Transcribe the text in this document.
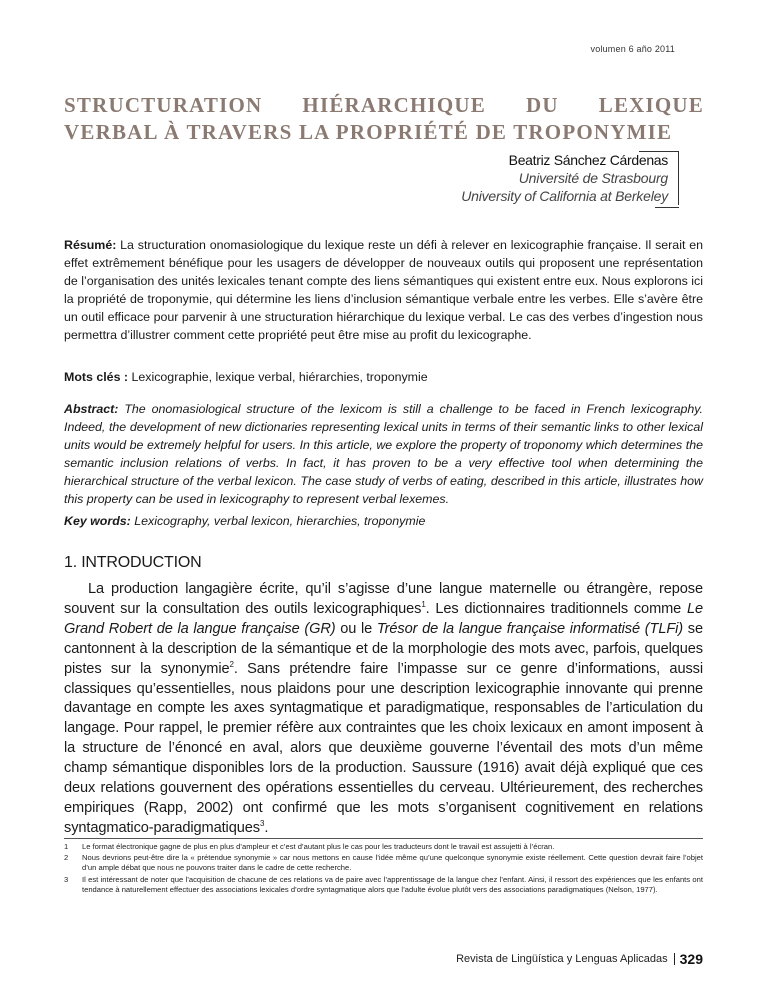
volumen 6 año 2011
STRUCTURATION HIÉRARCHIQUE DU LEXIQUE VERBAL À TRAVERS LA PROPRIÉTÉ DE TROPONYMIE
Beatriz Sánchez Cárdenas
Université de Strasbourg
University of California at Berkeley

Résumé: La structuration onomasiologique du lexique reste un défi à relever en lexicographie française. Il serait en effet extrêmement bénéfique pour les usagers de développer de nouveaux outils qui proposent une représentation de l’organisation des unités lexicales tenant compte des liens sémantiques qui existent entre eux. Nous explorons ici la propriété de troponymie, qui détermine les liens d’inclusion sémantique verbale entre les verbes. Elle s’avère être un outil efficace pour parvenir à une structuration hiérarchique du lexique verbal. Le cas des verbes d’ingestion nous permettra d’illustrer comment cette propriété peut être mise au profit du lexicographe.

Mots clés : Lexicographie, lexique verbal, hiérarchies, troponymie

Abstract: The onomasiological structure of the lexicom is still a challenge to be faced in French lexicography. Indeed, the development of new dictionaries representing lexical units in terms of their semantic links to other lexical units would be extremely helpful for users. In this article, we explore the property of troponomy which determines the semantic inclusion relations of verbs. In fact, it has proven to be a very effective tool when determining the hierarchical structure of the verbal lexicon. The case study of verbs of eating, described in this article, illustrates how this property can be used in lexicography to represent verbal lexemes.

Key words: Lexicography, verbal lexicon, hierarchies, troponymie

1. INTRODUCTION

La production langagière écrite, qu’il s’agisse d’une langue maternelle ou étrangère, repose souvent sur la consultation des outils lexicographiques$^1$. Les dictionnaires traditionnels comme Le Grand Robert de la langue française (GR) ou le Trésor de la langue française informatisé (TLFi) se cantonnent à la description de la sémantique et de la morphologie des mots avec, parfois, quelques pistes sur la synonymie$^2$. Sans prétendre faire l’impasse sur ce genre d’informations, aussi classiques qu’essentielles, nous plaidons pour une description lexicographie innovante qui prenne davantage en compte les axes syntagmatique et paradigmatique, responsables de l’articulation du langage. Pour rappel, le premier réfère aux contraintes que les choix lexicaux en amont imposent à la structure de l’énoncé en aval, alors que deuxième gouverne l’éventail des mots d’un même champ sémantique disponibles lors de la production. Saussure (1916) avait déjà expliqué que ces deux relations gouvernent des opérations essentielles du cerveau. Ultérieurement, des recherches empiriques (Rapp, 2002) ont confirmé que les mots s’organisent cognitivement en relations syntagmatico-paradigmatiques$^3$.

1 Le format électronique gagne de plus en plus d’ampleur et c’est d’autant plus le cas pour les traducteurs dont le travail est assujetti à l’écran.
2 Nous devrions peut-être dire la « prétendue synonymie » car nous mettons en cause l’idée même qu’une quelconque synonymie existe réellement. Cette question devrait faire l’objet d’un ample débat que nous ne pouvons traiter dans le cadre de cette recherche.
3 Il est intéressant de noter que l’acquisition de chacune de ces relations va de paire avec l’apprentissage de la langue chez l’enfant. Ainsi, il ressort des expériences que les enfants ont tendance à naturellement effectuer des associations lexicales d’ordre syntagmatique alors que l’adulte évolue plutôt vers des associations paradigmatiques (Nelson, 1977).
Revista de Lingüística y Lenguas Aplicadas 329
